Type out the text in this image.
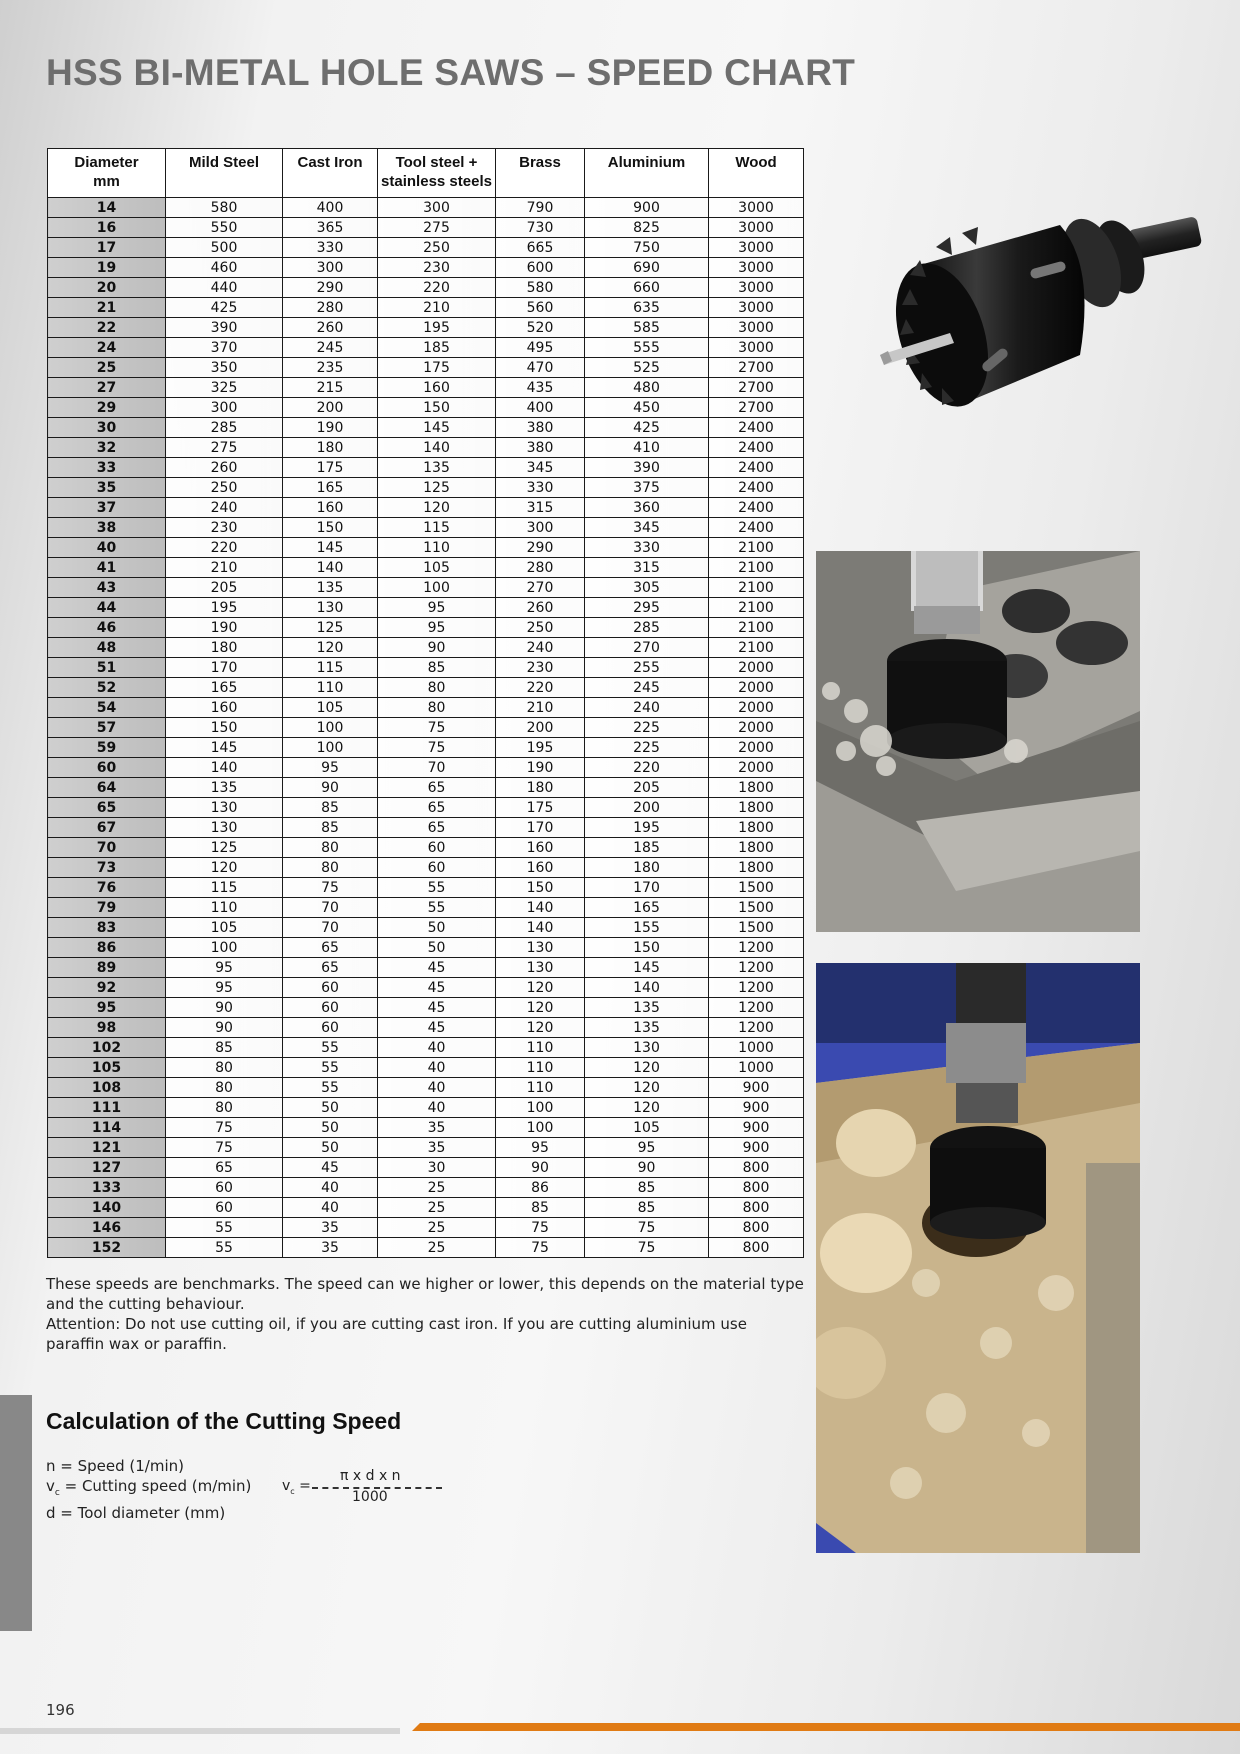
HSS BI-METAL HOLE SAWS – SPEED CHART
Diameter
mm	Mild Steel	Cast Iron	Tool steel +
stainless steels	Brass	Aluminium	Wood
14	580	400	300	790	900	3000
16	550	365	275	730	825	3000
17	500	330	250	665	750	3000
19	460	300	230	600	690	3000
20	440	290	220	580	660	3000
21	425	280	210	560	635	3000
22	390	260	195	520	585	3000
24	370	245	185	495	555	3000
25	350	235	175	470	525	2700
27	325	215	160	435	480	2700
29	300	200	150	400	450	2700
30	285	190	145	380	425	2400
32	275	180	140	380	410	2400
33	260	175	135	345	390	2400
35	250	165	125	330	375	2400
37	240	160	120	315	360	2400
38	230	150	115	300	345	2400
40	220	145	110	290	330	2100
41	210	140	105	280	315	2100
43	205	135	100	270	305	2100
44	195	130	95	260	295	2100
46	190	125	95	250	285	2100
48	180	120	90	240	270	2100
51	170	115	85	230	255	2000
52	165	110	80	220	245	2000
54	160	105	80	210	240	2000
57	150	100	75	200	225	2000
59	145	100	75	195	225	2000
60	140	95	70	190	220	2000
64	135	90	65	180	205	1800
65	130	85	65	175	200	1800
67	130	85	65	170	195	1800
70	125	80	60	160	185	1800
73	120	80	60	160	180	1800
76	115	75	55	150	170	1500
79	110	70	55	140	165	1500
83	105	70	50	140	155	1500
86	100	65	50	130	150	1200
89	95	65	45	130	145	1200
92	95	60	45	120	140	1200
95	90	60	45	120	135	1200
98	90	60	45	120	135	1200
102	85	55	40	110	130	1000
105	80	55	40	110	120	1000
108	80	55	40	110	120	900
111	80	50	40	100	120	900
114	75	50	35	100	105	900
121	75	50	35	95	95	900
127	65	45	30	90	90	800
133	60	40	25	86	85	800
140	60	40	25	85	85	800
146	55	35	25	75	75	800
152	55	35	25	75	75	800

These speeds are benchmarks. The speed can we higher or lower, this depends on the material type and the cutting behaviour.

Attention: Do not use cutting oil, if you are cutting cast iron. If you are cutting aluminium use paraffin wax or paraffin.

Calculation of the Cutting Speed
n = Speed (1/min)
$v_c$ = Cutting speed (m/min)
d = Tool diameter (mm)
$v_c$ =
π x d x n
1000
196
